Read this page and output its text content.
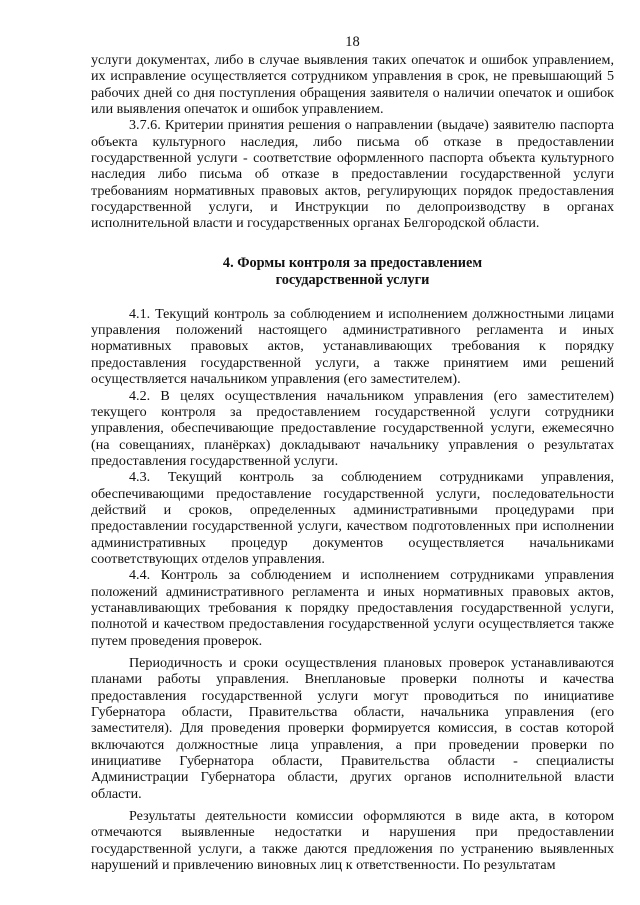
18

услуги документах, либо в случае выявления таких опечаток и ошибок управлением, их исправление осуществляется сотрудником управления в срок, не превышающий 5 рабочих дней со дня поступления обращения заявителя о наличии опечаток и ошибок или выявления опечаток и ошибок управлением.

3.7.6. Критерии принятия решения о направлении (выдаче) заявителю паспорта объекта культурного наследия, либо письма об отказе в предоставлении государственной услуги - соответствие оформленного паспорта объекта культурного наследия либо письма об отказе в предоставлении государственной услуги требованиям нормативных правовых актов, регулирующих порядок предоставления государственной услуги, и Инструкции по делопроизводству в органах исполнительной власти и государственных органах Белгородской области.

4. Формы контроля за предоставлением
государственной услуги

4.1. Текущий контроль за соблюдением и исполнением должностными лицами управления положений настоящего административного регламента и иных нормативных правовых актов, устанавливающих требования к порядку предоставления государственной услуги, а также принятием ими решений осуществляется начальником управления (его заместителем).

4.2. В целях осуществления начальником управления (его заместителем) текущего контроля за предоставлением государственной услуги сотрудники управления, обеспечивающие предоставление государственной услуги, ежемесячно (на совещаниях, планёрках) докладывают начальнику управления о результатах предоставления государственной услуги.

4.3. Текущий контроль за соблюдением сотрудниками управления, обеспечивающими предоставление государственной услуги, последовательности действий и сроков, определенных административными процедурами при предоставлении государственной услуги, качеством подготовленных при исполнении административных процедур документов осуществляется начальниками соответствующих отделов управления.

4.4. Контроль за соблюдением и исполнением сотрудниками управления положений административного регламента и иных нормативных правовых актов, устанавливающих требования к порядку предоставления государственной услуги, полнотой и качеством предоставления государственной услуги осуществляется также путем проведения проверок.

Периодичность и сроки осуществления плановых проверок устанавливаются планами работы управления. Внеплановые проверки полноты и качества предоставления государственной услуги могут проводиться по инициативе Губернатора области, Правительства области, начальника управления (его заместителя). Для проведения проверки формируется комиссия, в состав которой включаются должностные лица управления, а при проведении проверки по инициативе Губернатора области, Правительства области - специалисты Администрации Губернатора области, других органов исполнительной власти области.

Результаты деятельности комиссии оформляются в виде акта, в котором отмечаются выявленные недостатки и нарушения при предоставлении государственной услуги, а также даются предложения по устранению выявленных нарушений и привлечению виновных лиц к ответственности. По результатам
